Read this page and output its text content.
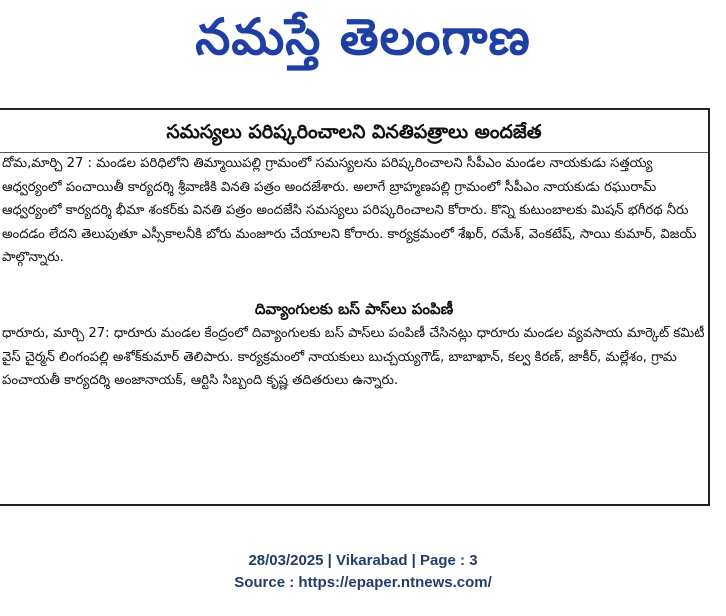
నమస్తే తెలంగాణ
సమస్యలు పరిష్కరించాలని వినతిపత్రాలు అందజేత

దోమ,మార్చి 27 : మండల పరిధిలోని తిమ్మాయిపల్లి గ్రామంలో సమస్యలను పరిష్కరించాలని సీపీఎం మండల నాయకుడు సత్తయ్య ఆధ్వర్యంలో పంచాయితీ కార్యదర్శి శ్రీవాణికి వినతి పత్రం అందజేశారు. అలాగే బ్రాహ్మణపల్లి గ్రామంలో సీపీఎం నాయకుడు రఘురామ్ ఆధ్వర్యంలో కార్యదర్శి భీమా శంకర్‌కు వినతి పత్రం అందజేసి సమస్యలు పరిష్కరించాలని కోరారు. కొన్ని కుటుంబాలకు మిషన్ భగీరథ నీరు అందడం లేదని తెలుపుతూ ఎస్సీకాలనీకి బోరు మంజూరు చేయాలని కోరారు. కార్యక్రమంలో శేఖర్, రమేశ్, వెంకటేష్, సాయి కుమార్, విజయ్ పాల్గొన్నారు.

దివ్యాంగులకు బస్ పాస్‌లు పంపిణీ

ధారూరు, మార్చి 27: ధారూరు మండల కేంద్రంలో దివ్యాంగులకు బస్ పాస్‌లు పంపిణీ చేసినట్లు ధారూరు మండల వ్యవసాయ మార్కెట్ కమిటీ వైస్ చైర్మన్ లింగంపల్లి అశోక్‌కుమార్ తెలిపారు. కార్యక్రమంలో నాయకులు బుచ్చయ్యగౌడ్, బాబాఖాన్, కల్వ కిరణ్, జాకీర్, మల్లేశం, గ్రామ పంచాయతీ కార్యదర్శి అంజానాయక్, ఆర్టిసి సిబ్బంది కృష్ణ తదితరులు ఉన్నారు.

28/03/2025 | Vikarabad | Page : 3
Source : https://epaper.ntnews.com/
